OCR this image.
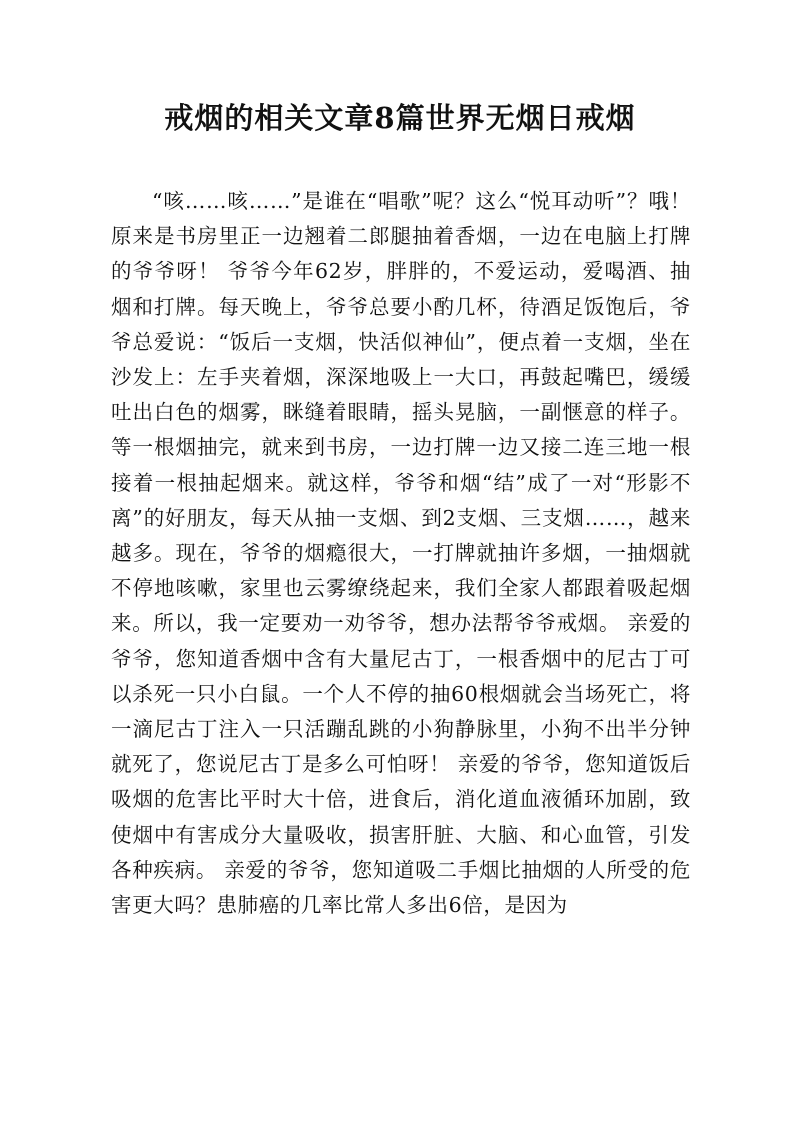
戒烟的相关文章8篇世界无烟日戒烟

“咳……咳……”是谁在“唱歌”呢？这么“悦耳动听”？哦！原来是书房里正一边翘着二郎腿抽着香烟，一边在电脑上打牌的爷爷呀！ 爷爷今年62岁，胖胖的，不爱运动，爱喝酒、抽烟和打牌。每天晚上，爷爷总要小酌几杯，待酒足饭饱后，爷爷总爱说：“饭后一支烟，快活似神仙”，便点着一支烟，坐在沙发上：左手夹着烟，深深地吸上一大口，再鼓起嘴巴，缓缓吐出白色的烟雾，眯缝着眼睛，摇头晃脑，一副惬意的样子。等一根烟抽完，就来到书房，一边打牌一边又接二连三地一根接着一根抽起烟来。就这样，爷爷和烟“结”成了一对“形影不离”的好朋友，每天从抽一支烟、到2支烟、三支烟……，越来越多。现在，爷爷的烟瘾很大，一打牌就抽许多烟，一抽烟就不停地咳嗽，家里也云雾缭绕起来，我们全家人都跟着吸起烟来。所以，我一定要劝一劝爷爷，想办法帮爷爷戒烟。 亲爱的爷爷，您知道香烟中含有大量尼古丁，一根香烟中的尼古丁可以杀死一只小白鼠。一个人不停的抽60根烟就会当场死亡，将一滴尼古丁注入一只活蹦乱跳的小狗静脉里，小狗不出半分钟就死了，您说尼古丁是多么可怕呀！ 亲爱的爷爷，您知道饭后吸烟的危害比平时大十倍，进食后，消化道血液循环加剧，致使烟中有害成分大量吸收，损害肝脏、大脑、和心血管，引发各种疾病。 亲爱的爷爷，您知道吸二手烟比抽烟的人所受的危害更大吗？患肺癌的几率比常人多出6倍，是因为
